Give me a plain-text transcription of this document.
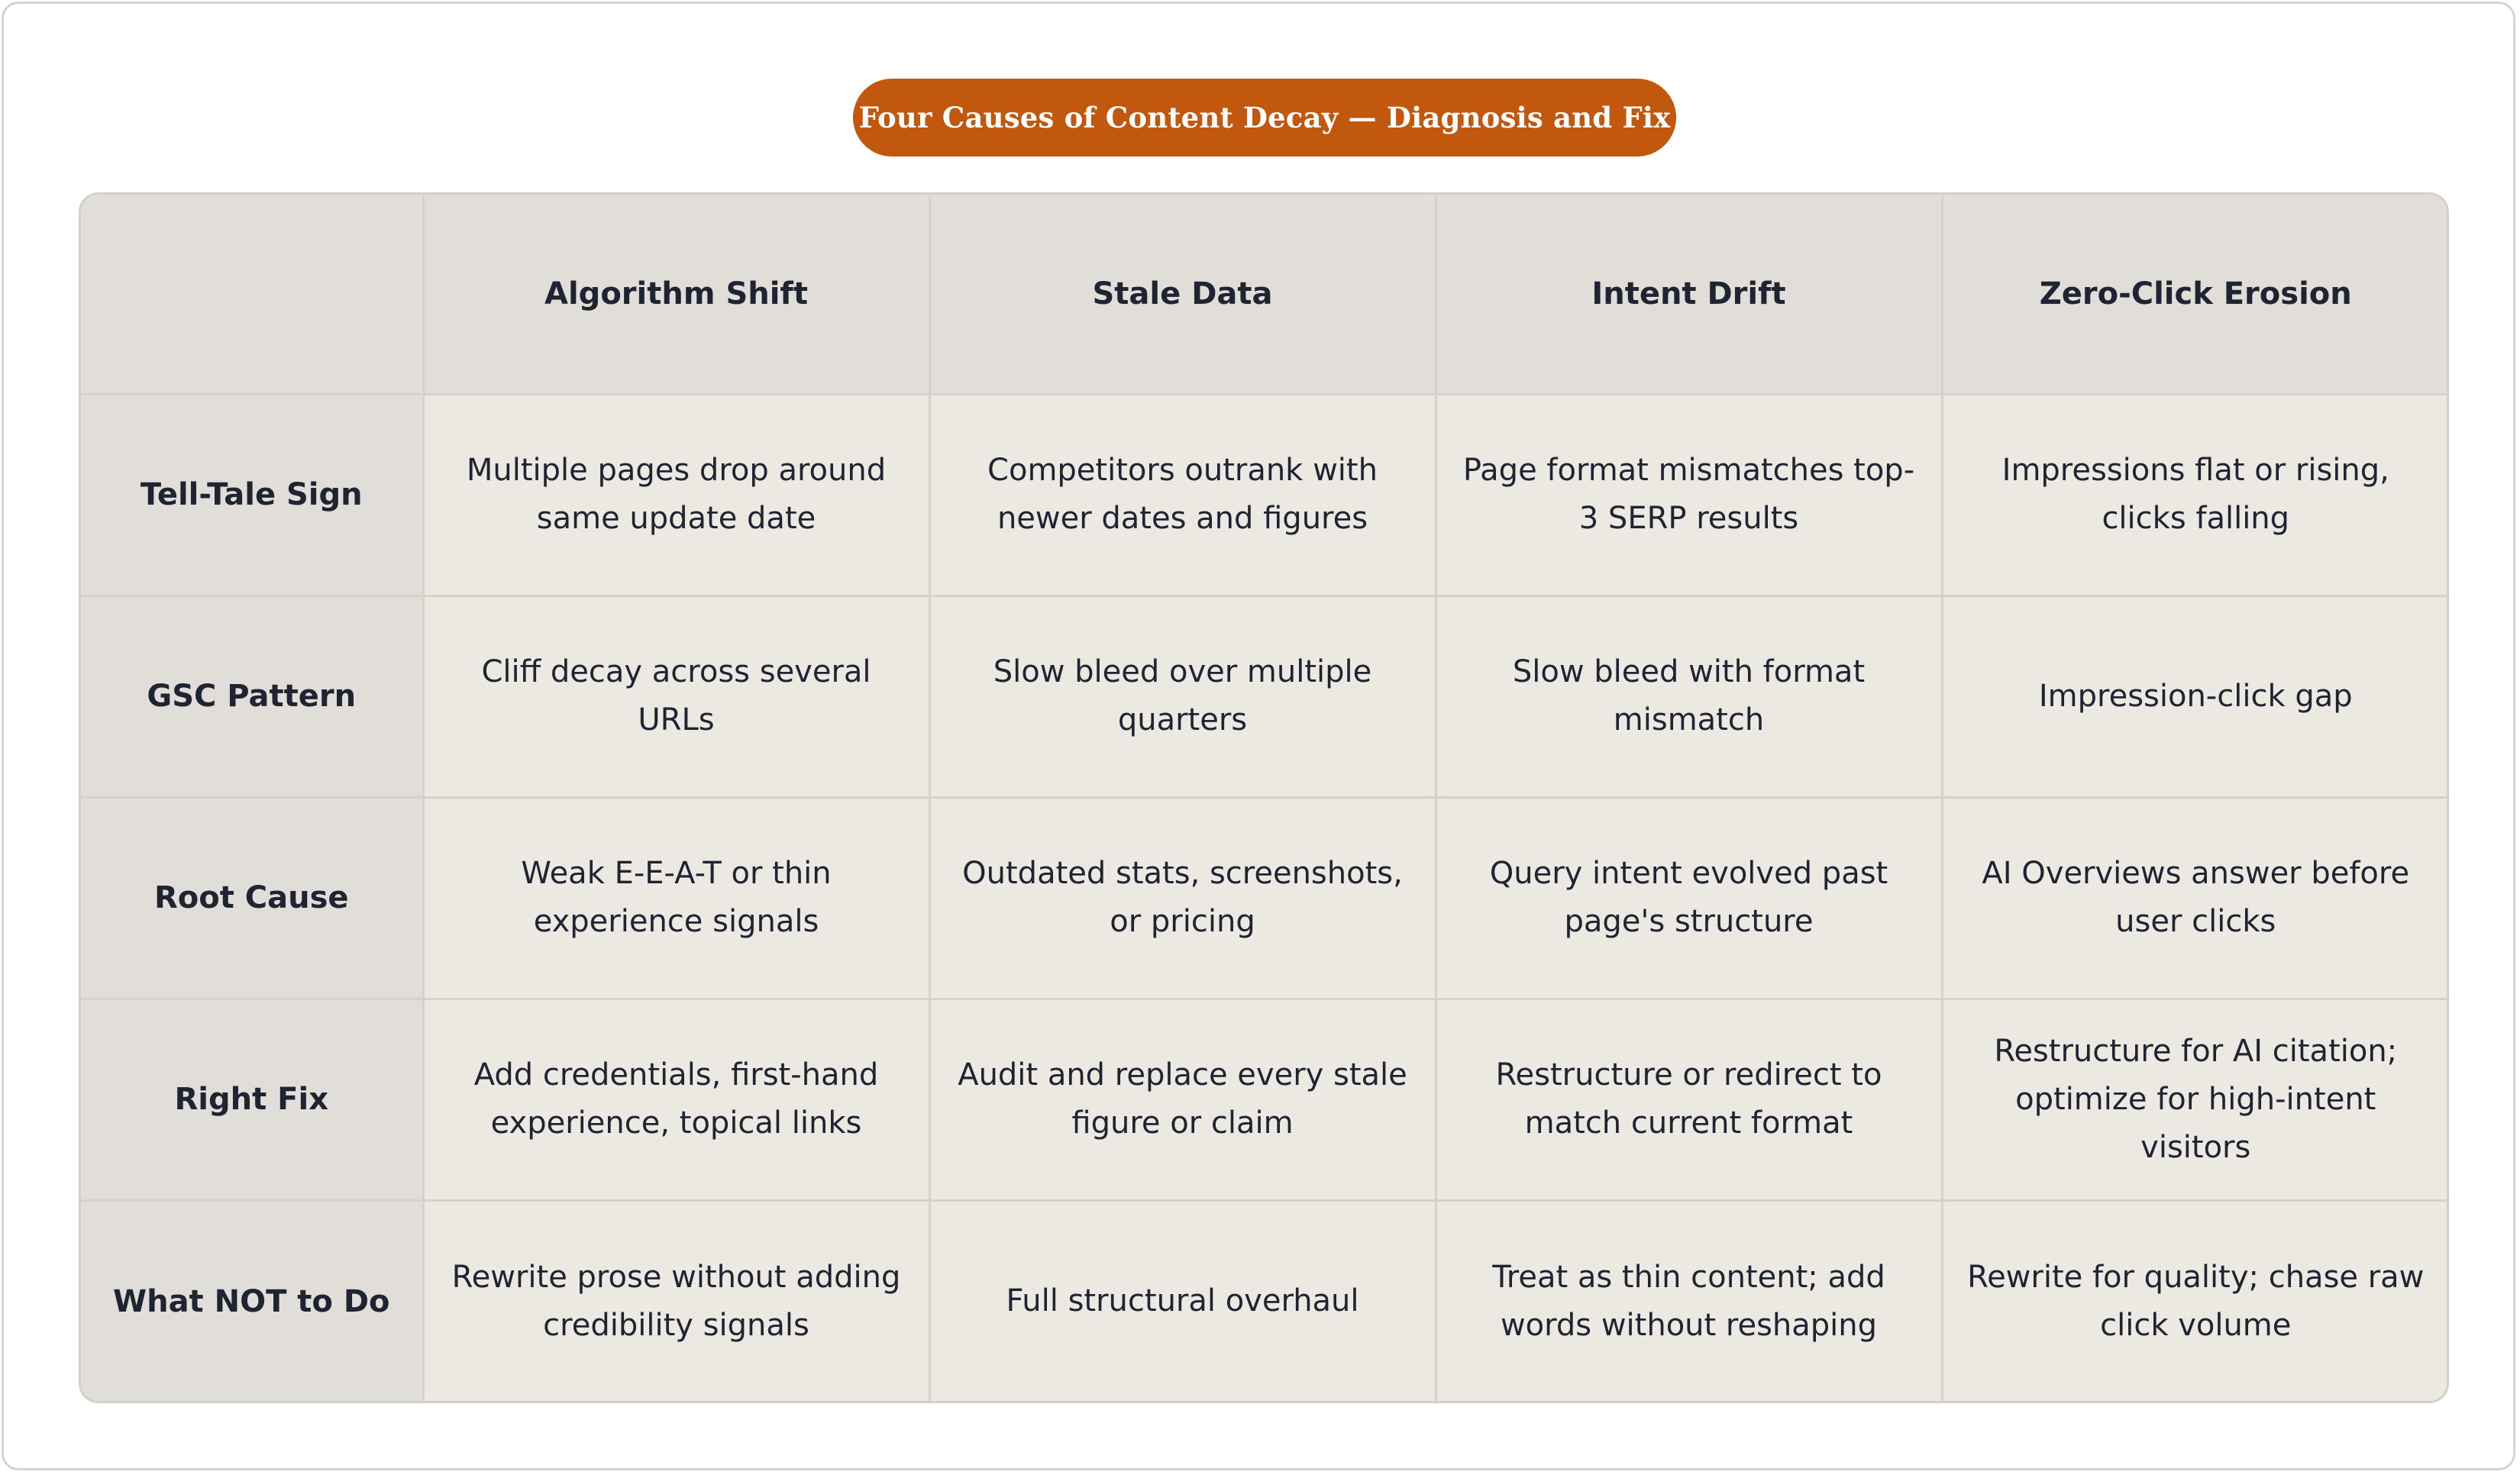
Four Causes of Content Decay — Diagnosis and Fix
	Algorithm Shift	Stale Data	Intent Drift	Zero-Click Erosion
Tell-Tale Sign	Multiple pages drop around same update date	Competitors outrank with newer dates and figures	Page format mismatches top-3 SERP results	Impressions flat or rising, clicks falling
GSC Pattern	Cliff decay across several URLs	Slow bleed over multiple quarters	Slow bleed with format mismatch	Impression-click gap
Root Cause	Weak E-E-A-T or thin experience signals	Outdated stats, screenshots, or pricing	Query intent evolved past page's structure	AI Overviews answer before user clicks
Right Fix	Add credentials, first-hand experience, topical links	Audit and replace every stale figure or claim	Restructure or redirect to match current format	Restructure for AI citation; optimize for high-intent visitors
What NOT to Do	Rewrite prose without adding credibility signals	Full structural overhaul	Treat as thin content; add words without reshaping	Rewrite for quality; chase raw click volume
